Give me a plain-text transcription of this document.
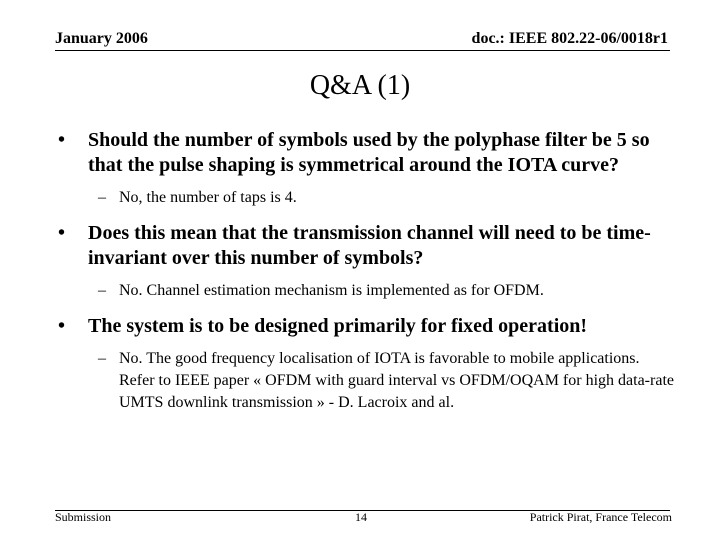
January 2006	doc.: IEEE 802.22-06/0018r1
Q&A (1)
• Should the number of symbols used by the polyphase filter be 5 so that the pulse shaping is symmetrical around the IOTA curve?
– No, the number of taps is 4.
• Does this mean that the transmission channel will need to be time-invariant over this number of symbols?
– No. Channel estimation mechanism is implemented as for OFDM.
• The system is to be designed primarily for fixed operation!
– No. The good frequency localisation of IOTA is favorable to mobile applications. Refer to IEEE paper « OFDM with guard interval vs OFDM/OQAM for high data-rate UMTS downlink transmission » - D. Lacroix and al.
Submission	14	Patrick Pirat, France Telecom
